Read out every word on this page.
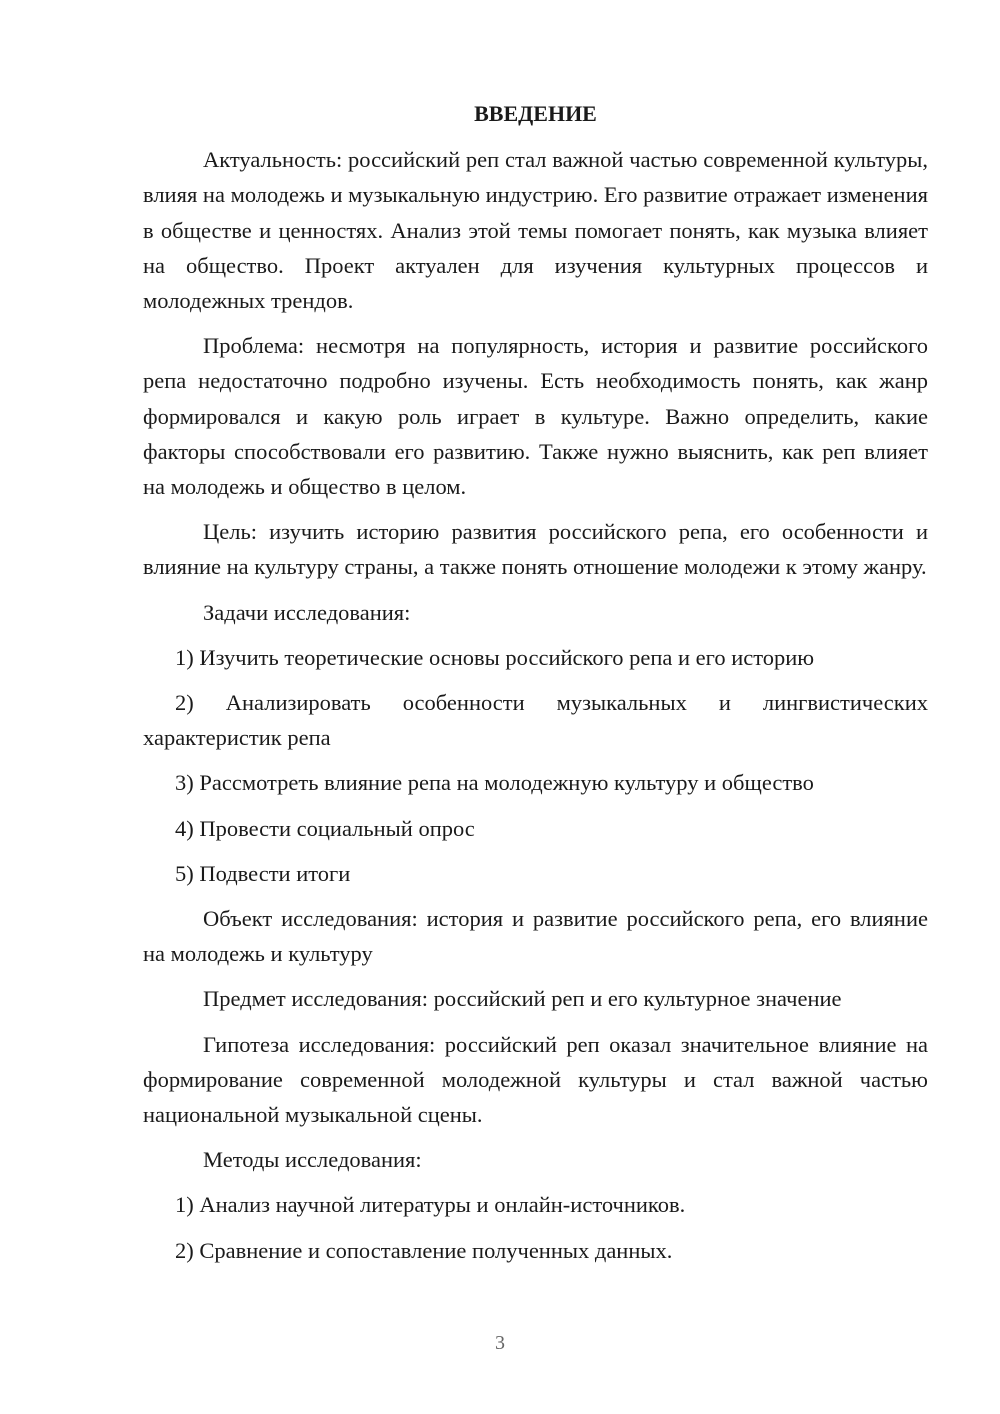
ВВЕДЕНИЕ

Актуальность: российский реп стал важной частью современной культуры, влияя на молодежь и музыкальную индустрию. Его развитие отражает изменения в обществе и ценностях. Анализ этой темы помогает понять, как музыка влияет на общество. Проект актуален для изучения культурных процессов и молодежных трендов.

Проблема: несмотря на популярность, история и развитие российского репа недостаточно подробно изучены. Есть необходимость понять, как жанр формировался и какую роль играет в культуре. Важно определить, какие факторы способствовали его развитию. Также нужно выяснить, как реп влияет на молодежь и общество в целом.

Цель: изучить историю развития российского репа, его особенности и влияние на культуру страны, а также понять отношение молодежи к этому жанру.

Задачи исследования:

1) Изучить теоретические основы российского репа и его историю

2) Анализировать особенности музыкальных и лингвистических характеристик репа

3) Рассмотреть влияние репа на молодежную культуру и общество

4) Провести социальный опрос

5) Подвести итоги

Объект исследования: история и развитие российского репа, его влияние на молодежь и культуру

Предмет исследования: российский реп и его культурное значение

Гипотеза исследования: российский реп оказал значительное влияние на формирование современной молодежной культуры и стал важной частью национальной музыкальной сцены.

Методы исследования:

1) Анализ научной литературы и онлайн-источников.

2) Сравнение и сопоставление полученных данных.

3
